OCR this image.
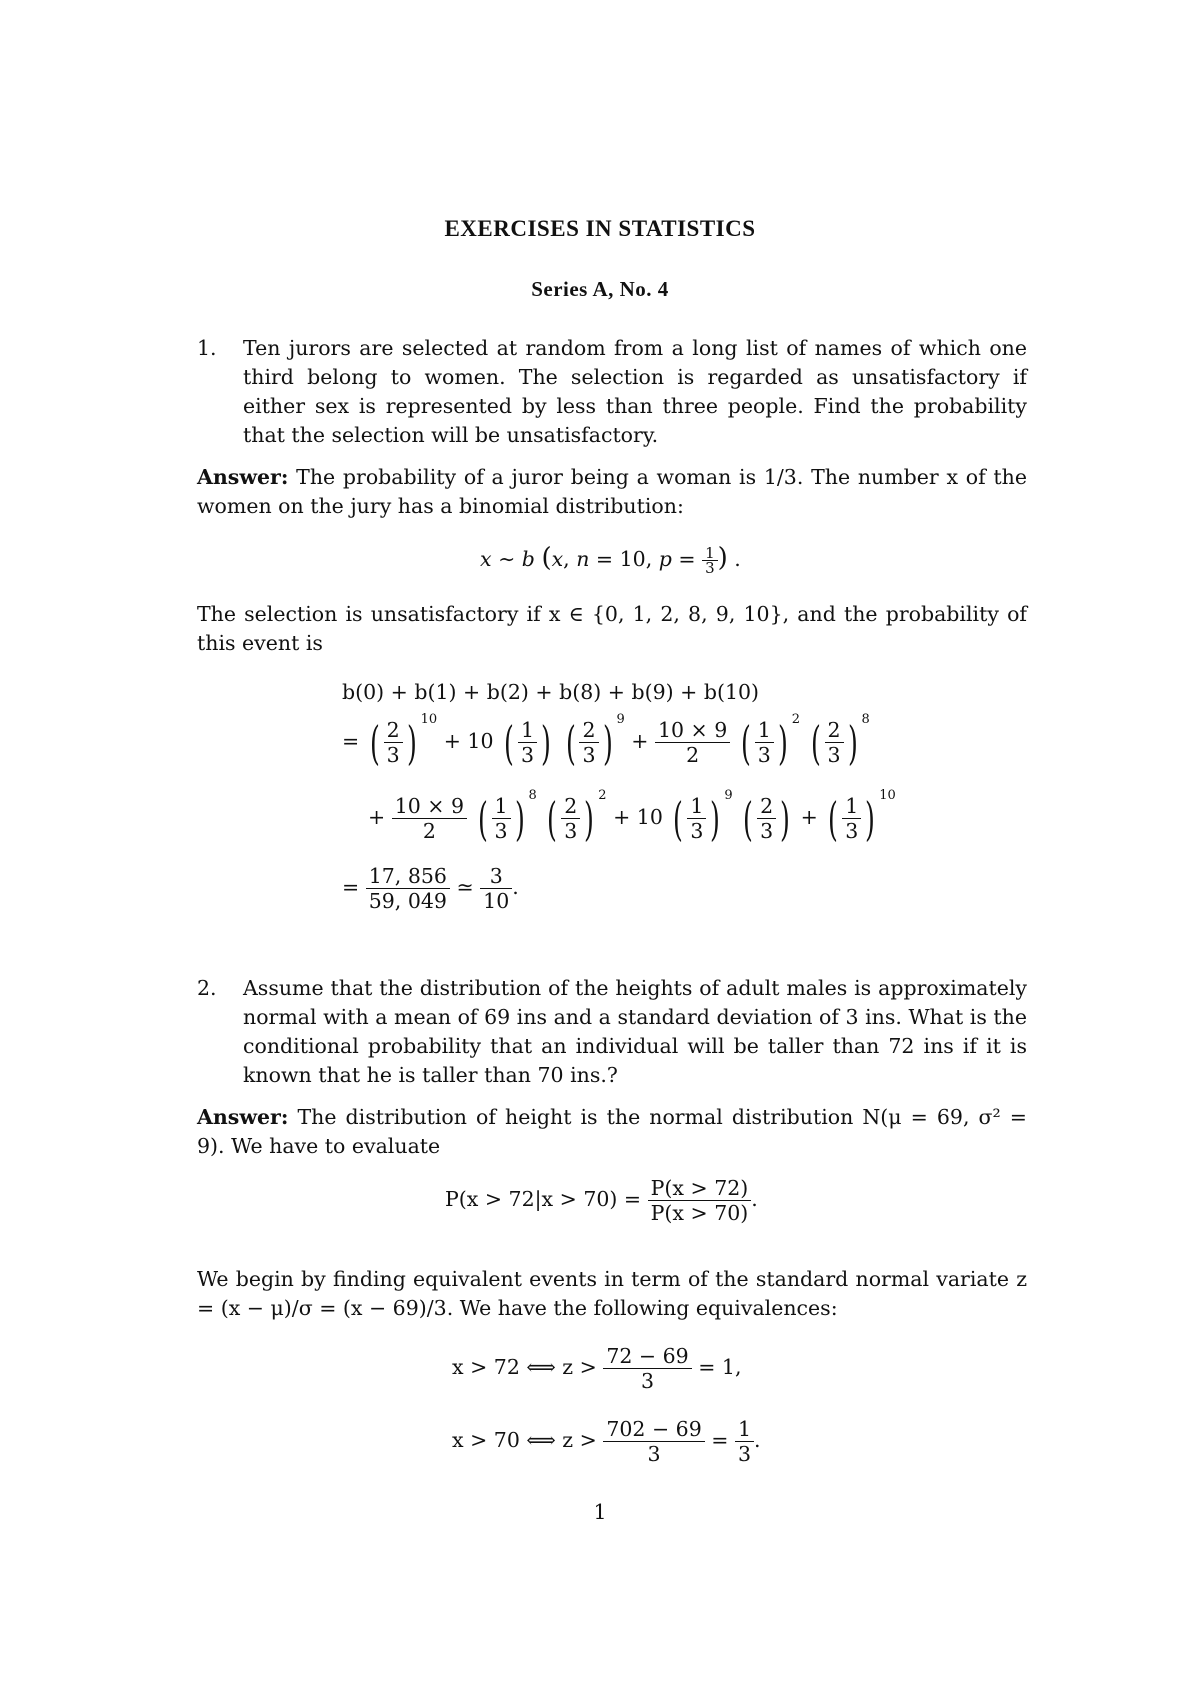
EXERCISES IN STATISTICS
Series A, No. 4
1. Ten jurors are selected at random from a long list of names of which one third belong to women. The selection is regarded as unsatisfactory if either sex is represented by less than three people. Find the probability that the selection will be unsatisfactory.
Answer: The probability of a juror being a woman is 1/3. The number x of the women on the jury has a binomial distribution:
x ∼ b (x, n = 10, $p = \frac{1}{3}$ ) .
The selection is unsatisfactory if x ∈ {0, 1, 2, 8, 9, 10}, and the probability of this event is
b(0) + b(1) + b(2) + b(8) + b(9) + b(10)
= ( $\frac{2}{3}$ ) $^{10}$ + 10 ( $\frac{1}{3}$ ) ( $\frac{2}{3}$ ) $^9 + \frac{10 \times 9}{2}$ ( $\frac{1}{3}$ ) $^2$ ( $\frac{2}{3}$ ) $^8$
+ $\frac{10 \times 9}{2}$ ( $\frac{1}{3}$ ) $^8$ ( $\frac{2}{3}$ ) $^2$ + 10 ( $\frac{1}{3}$ ) $^9$ ( $\frac{2}{3}$ ) + ( $\frac{1}{3}$ ) $^{10}$
= $\frac{17, 856}{59, 049}$ ≃ $\frac{3}{10}$ .
2. Assume that the distribution of the heights of adult males is approximately normal with a mean of 69 ins and a standard deviation of 3 ins. What is the conditional probability that an individual will be taller than 72 ins if it is known that he is taller than 70 ins.?
Answer: The distribution of height is the normal distribution N(μ = 69, σ² = 9). We have to evaluate
$P(x > 72|x > 70) = \frac{P(x > 72)}{P(x > 70)}$ .
We begin by finding equivalent events in term of the standard normal variate z = (x − μ)/σ = (x − 69)/3. We have the following equivalences:
x > 72 ⟺ $z > \frac{72 - 69}{3} = 1$,
x > 70 ⟺ $z > \frac{702 - 69}{3} = \frac{1}{3}$ .
1
